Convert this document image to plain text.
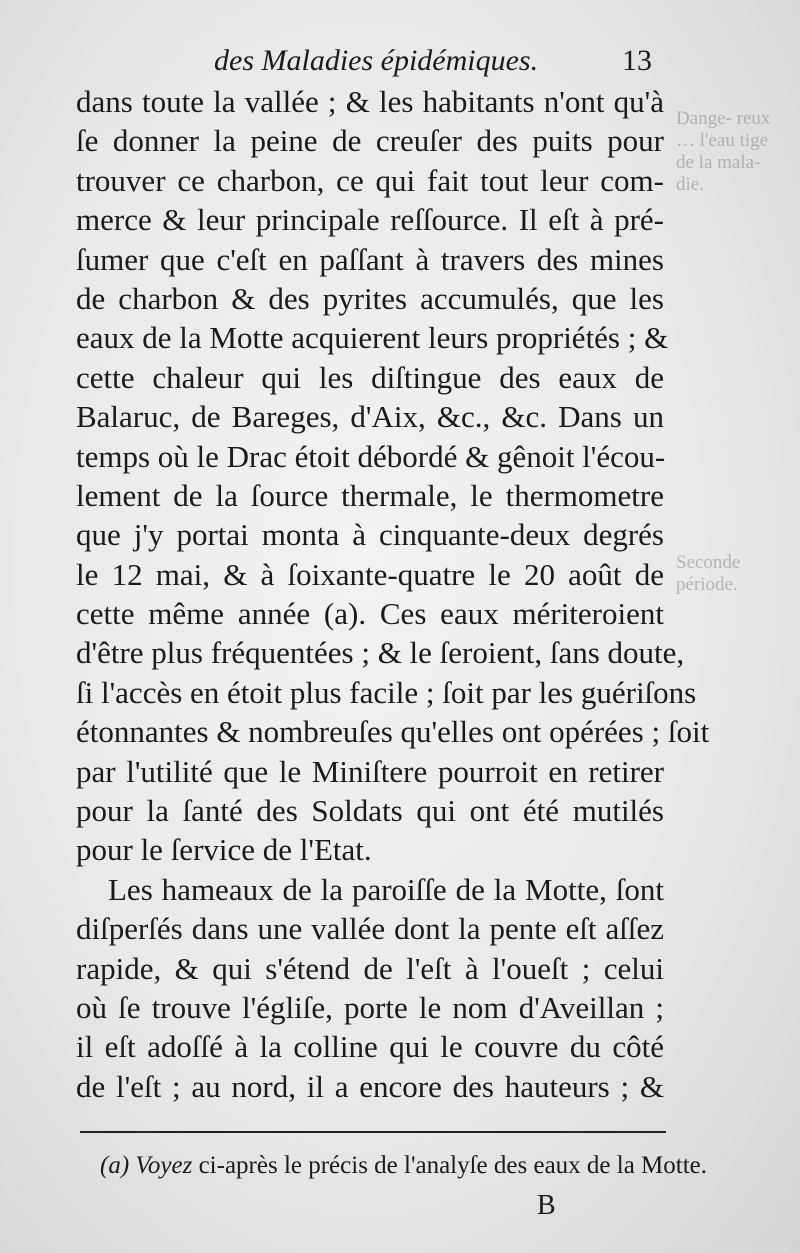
Dange- reux … l'eau tige de la mala- die.
Seconde période.
des Maladies épidémiques.	13
dans toute la vallée ; & les habitants n'ont qu'à
ſe donner la peine de creuſer des puits pour
trouver ce charbon, ce qui fait tout leur com-
merce & leur principale reſſource. Il eſt à pré-
ſumer que c'eſt en paſſant à travers des mines
de charbon & des pyrites accumulés, que les
eaux de la Motte acquierent leurs propriétés ; &
cette chaleur qui les diſtingue des eaux de
Balaruc, de Bareges, d'Aix, &c., &c. Dans un
temps où le Drac étoit débordé & gênoit l'écou-
lement de la ſource thermale, le thermometre
que j'y portai monta à cinquante-deux degrés
le 12 mai, & à ſoixante-quatre le 20 août de
cette même année (a). Ces eaux mériteroient
d'être plus fréquentées ; & le ſeroient, ſans doute,
ſi l'accès en étoit plus facile ; ſoit par les guériſons
étonnantes & nombreuſes qu'elles ont opérées ; ſoit
par l'utilité que le Miniſtere pourroit en retirer
pour la ſanté des Soldats qui ont été mutilés
pour le ſervice de l'Etat.
Les hameaux de la paroiſſe de la Motte, ſont
diſperſés dans une vallée dont la pente eſt aſſez
rapide, & qui s'étend de l'eſt à l'oueſt ; celui
où ſe trouve l'égliſe, porte le nom d'Aveillan ;
il eſt adoſſé à la colline qui le couvre du côté
de l'eſt ; au nord, il a encore des hauteurs ; &
(a) Voyez ci-après le précis de l'analyſe des eaux de la Motte.
B
